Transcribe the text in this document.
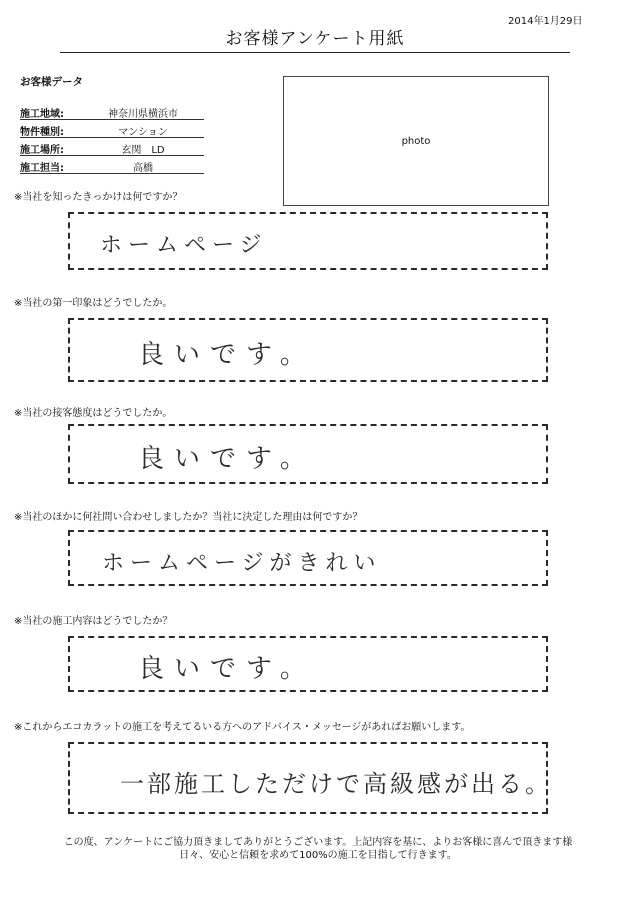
2014年1月29日
お客様アンケート用紙
お客様データ
施工地域:	神奈川県横浜市
物件種別:	マンション
施工場所:	玄関　LD
施工担当:	高橋
photo
※当社を知ったきっかけは何ですか？
ホームページ
※当社の第一印象はどうでしたか。
良いです。
※当社の接客態度はどうでしたか。
良いです。
※当社のほかに何社問い合わせしましたか？当社に決定した理由は何ですか？
ホームページがきれい
※当社の施工内容はどうでしたか？
良いです。
※これからエコカラットの施工を考えてるいる方へのアドバイス・メッセージがあればお願いします。
一部施工しただけで高級感が出る。
この度、アンケートにご協力頂きましてありがとうございます。上記内容を基に、よりお客様に喜んで頂きます様
日々、安心と信頼を求めて100%の施工を目指して行きます。
